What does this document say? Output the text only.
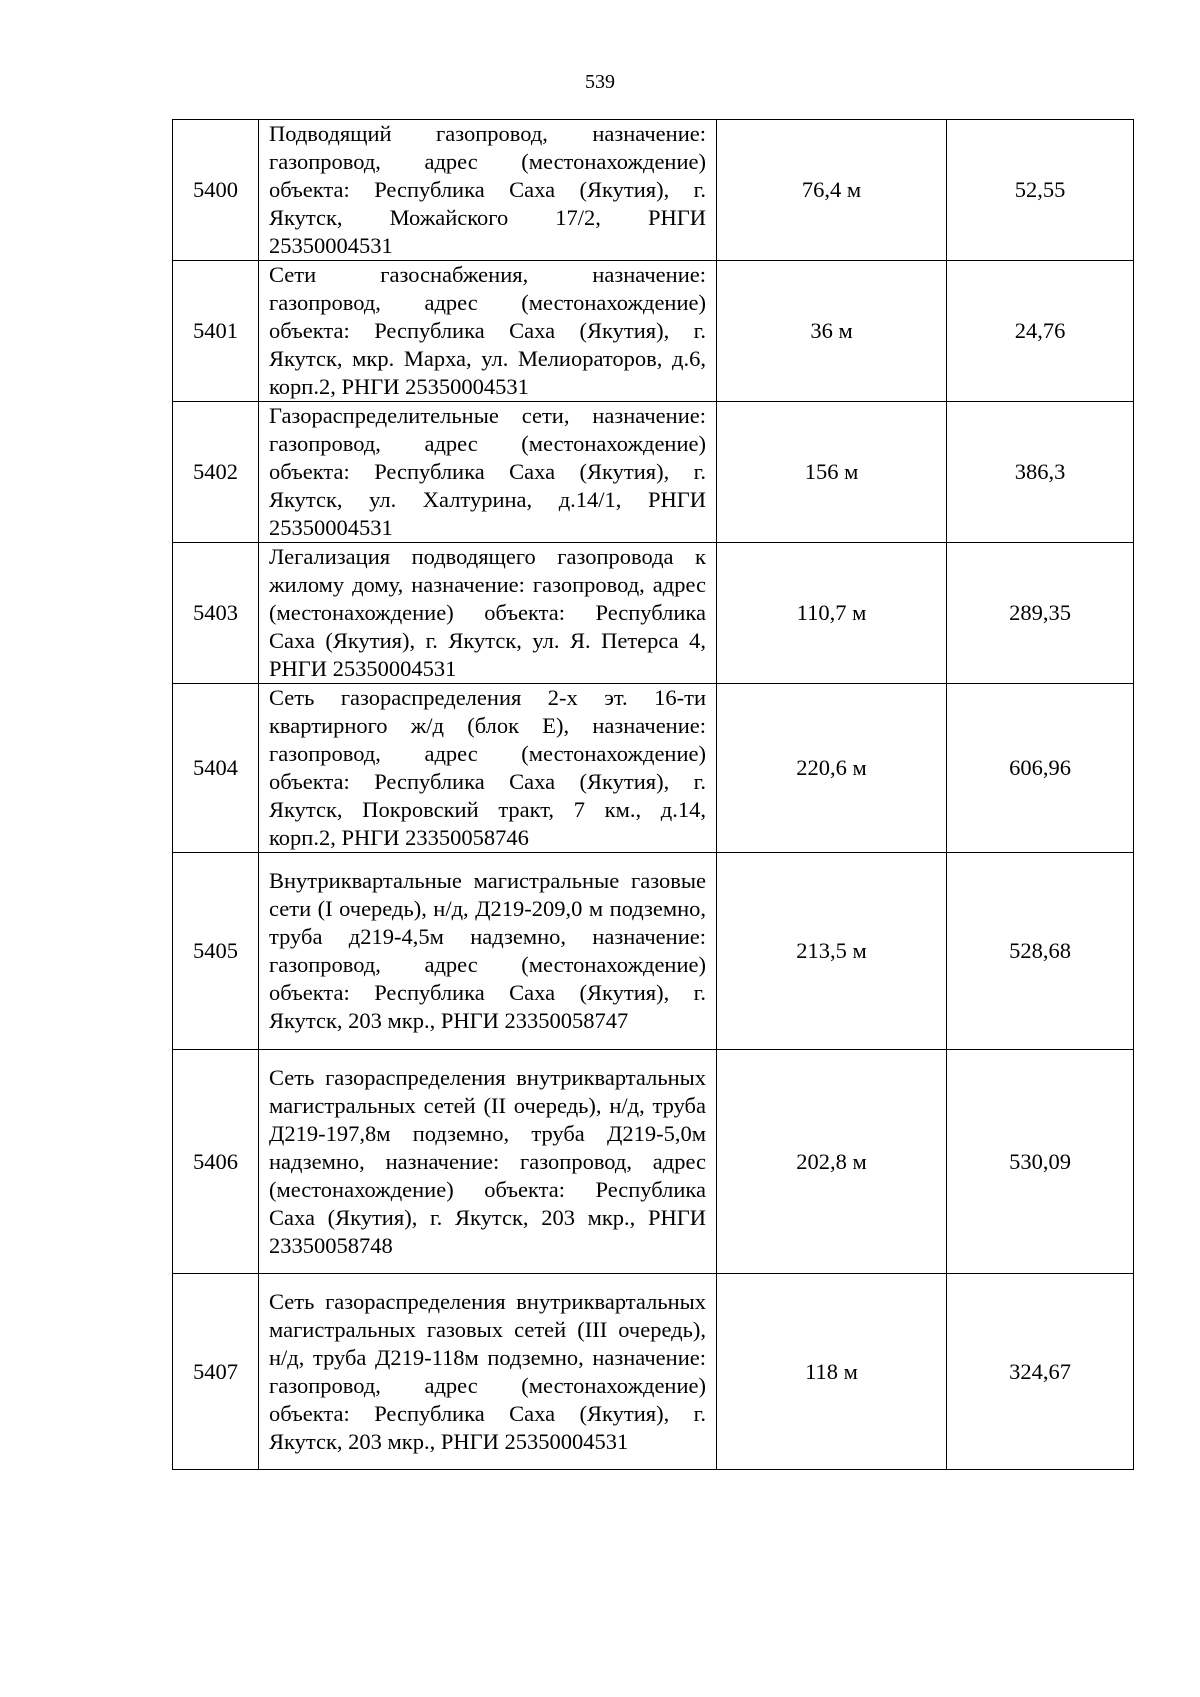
539
5400	Подводящий газопровод, назначение: газопровод, адрес (местонахождение) объекта: Республика Саха (Якутия), г. Якутск, Можайского 17/2, РНГИ 25350004531	76,4 м	52,55
5401	Сети газоснабжения, назначение: газопровод, адрес (местонахождение) объекта: Республика Саха (Якутия), г. Якутск, мкр. Марха, ул. Мелиораторов, д.6, корп.2, РНГИ 25350004531	36 м	24,76
5402	Газораспределительные сети, назначение: газопровод, адрес (местонахождение) объекта: Республика Саха (Якутия), г. Якутск, ул. Халтурина, д.14/1, РНГИ 25350004531	156 м	386,3
5403	Легализация подводящего газопровода к жилому дому, назначение: газопровод, адрес (местонахождение) объекта: Республика Саха (Якутия), г. Якутск, ул. Я. Петерса 4, РНГИ 25350004531	110,7 м	289,35
5404	Сеть газораспределения 2-х эт. 16-ти квартирного ж/д (блок Е), назначение: газопровод, адрес (местонахождение) объекта: Республика Саха (Якутия), г. Якутск, Покровский тракт, 7 км., д.14, корп.2, РНГИ 23350058746	220,6 м	606,96
5405	Внутриквартальные магистральные газовые сети (I очередь), н/д, Д219-209,0 м подземно, труба д219-4,5м надземно, назначение: газопровод, адрес (местонахождение) объекта: Республика Саха (Якутия), г. Якутск, 203 мкр., РНГИ 23350058747	213,5 м	528,68
5406	Сеть газораспределения внутриквартальных магистральных сетей (II очередь), н/д, труба Д219-197,8м подземно, труба Д219-5,0м надземно, назначение: газопровод, адрес (местонахождение) объекта: Республика Саха (Якутия), г. Якутск, 203 мкр., РНГИ 23350058748	202,8 м	530,09
5407	Сеть газораспределения внутриквартальных магистральных газовых сетей (III очередь), н/д, труба Д219-118м подземно, назначение: газопровод, адрес (местонахождение) объекта: Республика Саха (Якутия), г. Якутск, 203 мкр., РНГИ 25350004531	118 м	324,67
